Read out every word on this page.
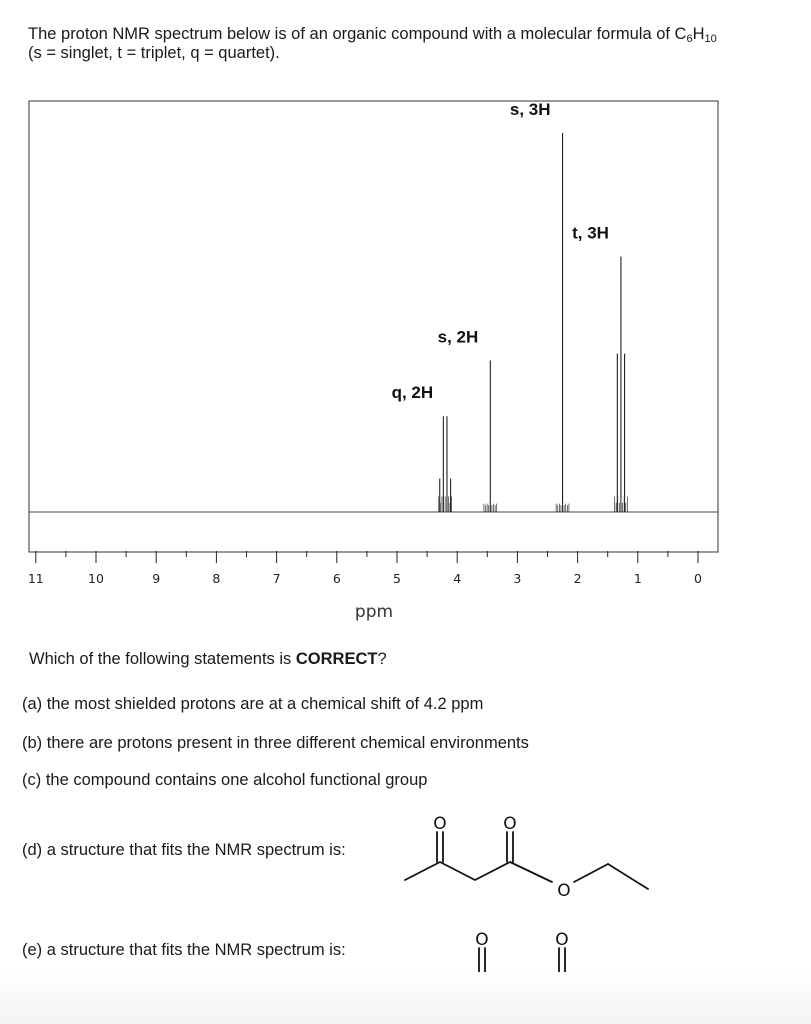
The proton NMR spectrum below is of an organic compound with a molecular formula of $C_6H_{10}$
(s = singlet, t = triplet, q = quartet).
q, 2H
s, 2H
s, 3H
t, 3H
11	10	9	8	7	6	5	4	3	2	1	0
ppm
Which of the following statements is CORRECT?
(a) the most shielded protons are at a chemical shift of 4.2 ppm
(b) there are protons present in three different chemical environments
(c) the compound contains one alcohol functional group
(d) a structure that fits the NMR spectrum is:
(e) a structure that fits the NMR spectrum is:
O	O
O
O	O
